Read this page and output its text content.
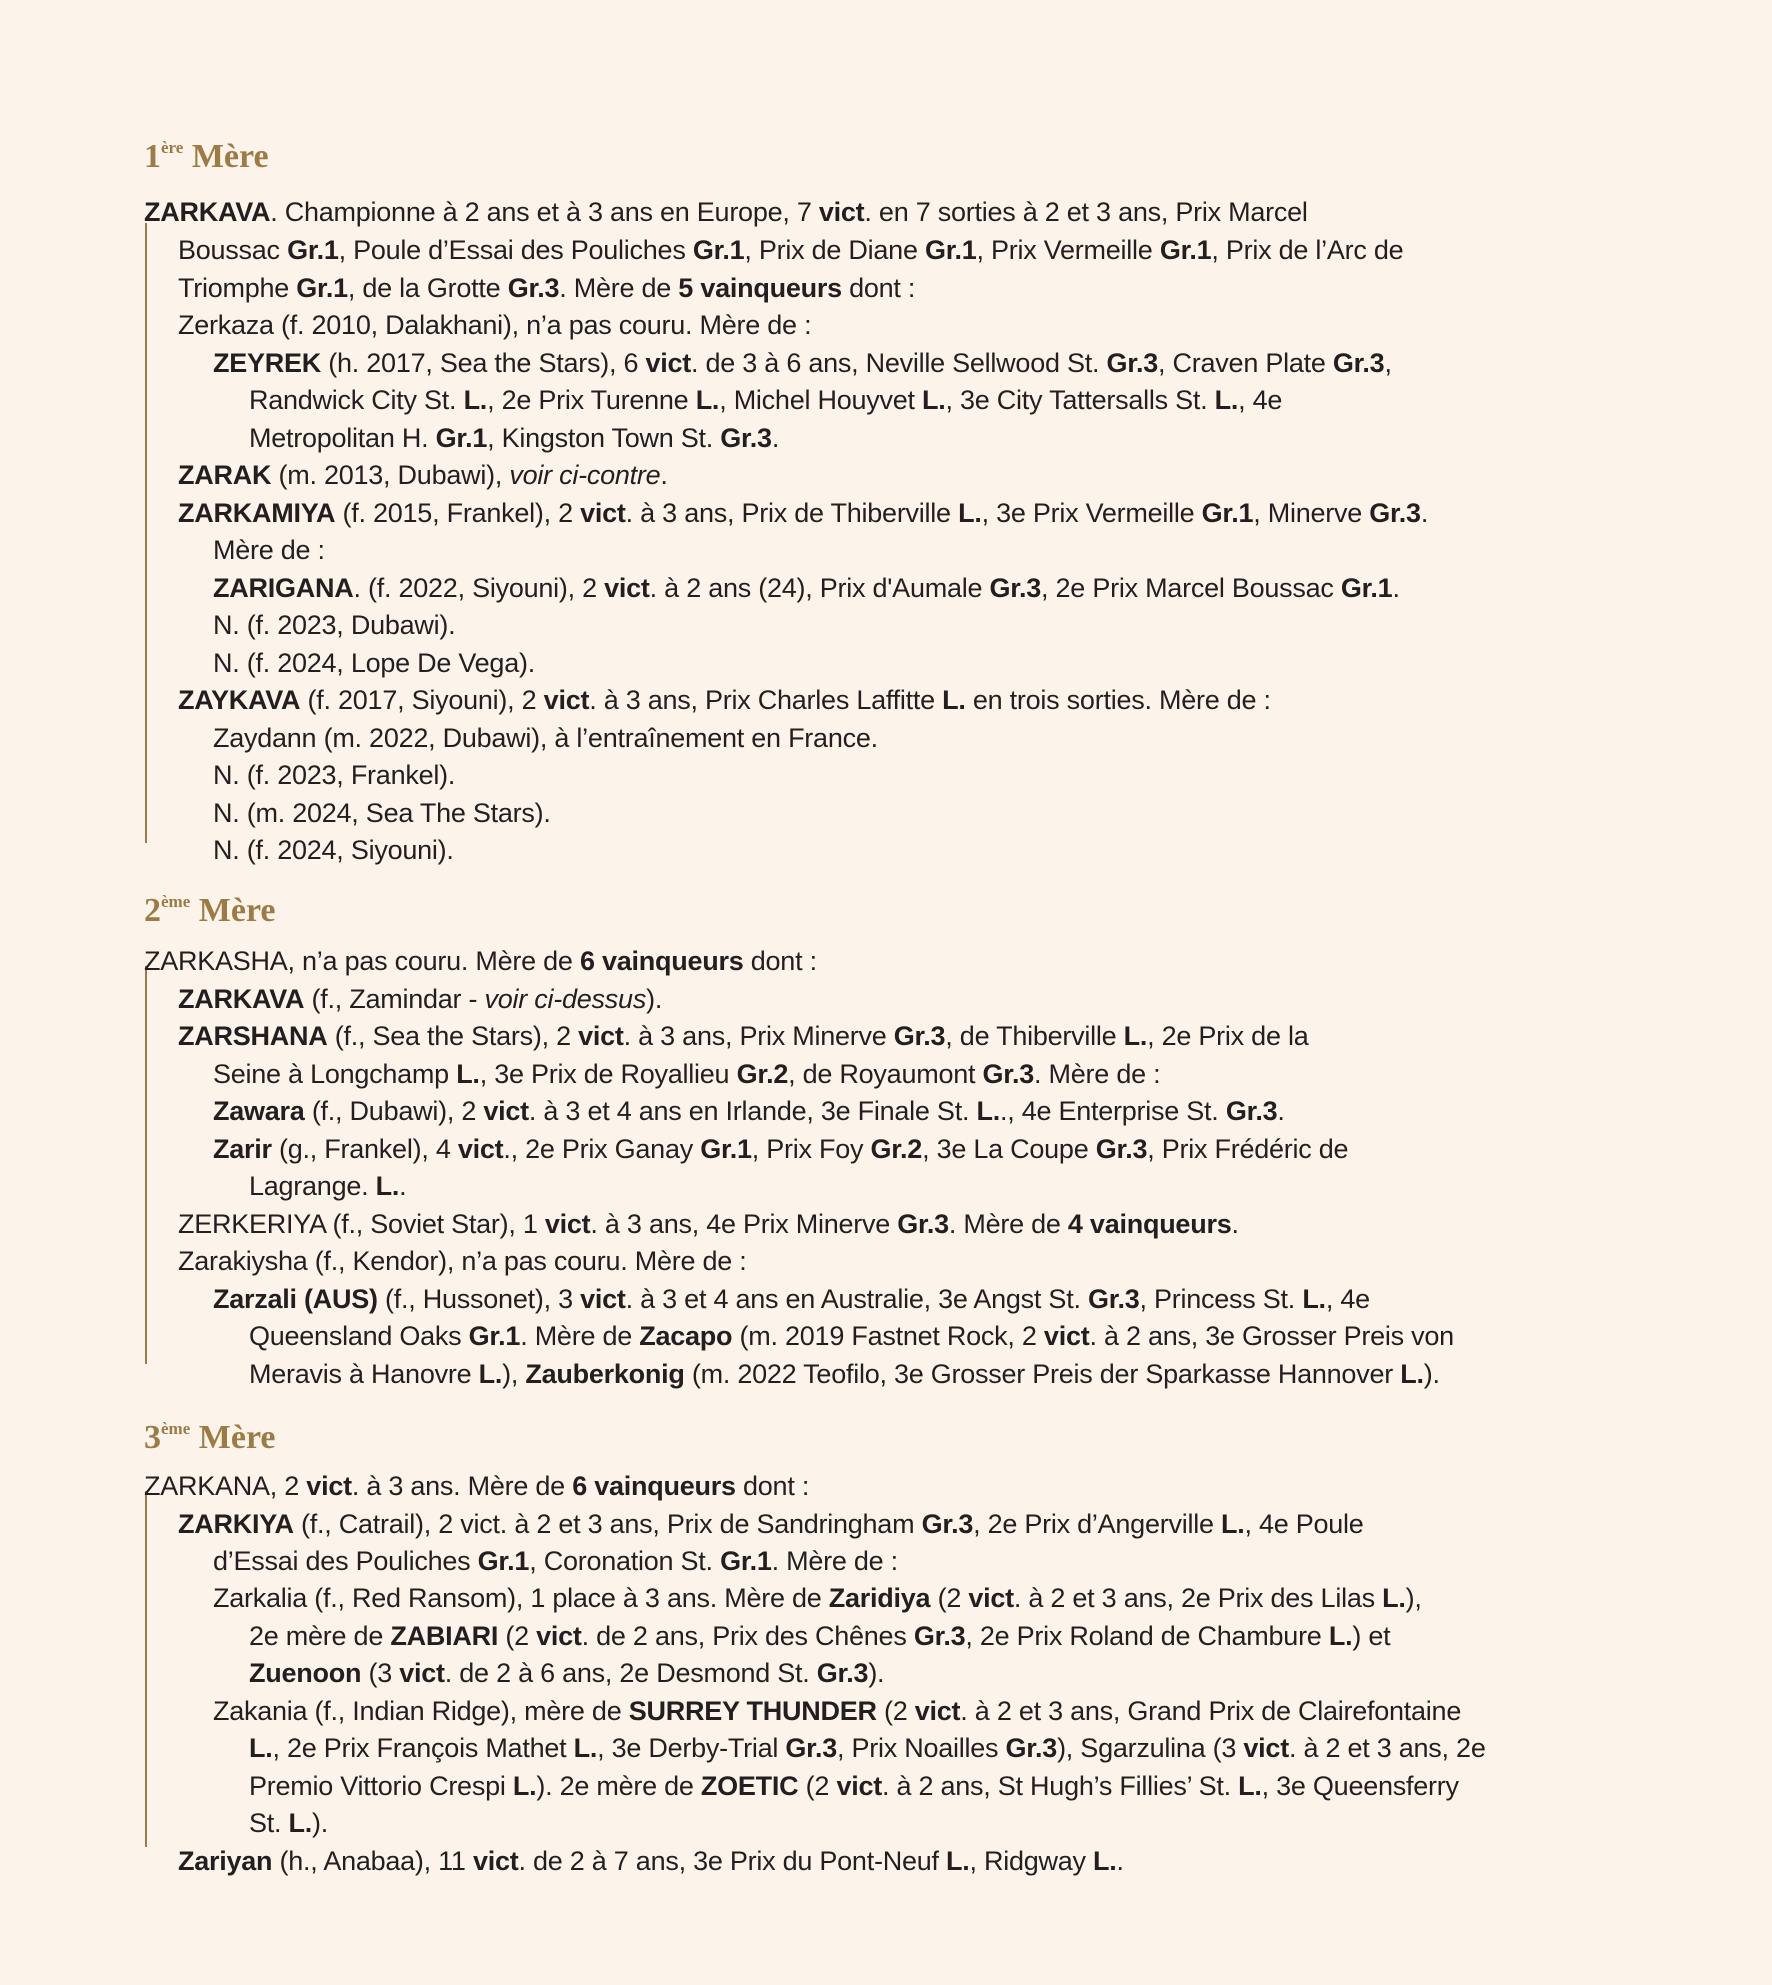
1ère Mère

ZARKAVA. Championne à 2 ans et à 3 ans en Europe, 7 vict. en 7 sorties à 2 et 3 ans, Prix Marcel

Boussac Gr.1, Poule d’Essai des Pouliches Gr.1, Prix de Diane Gr.1, Prix Vermeille Gr.1, Prix de l’Arc de

Triomphe Gr.1, de la Grotte Gr.3. Mère de 5 vainqueurs dont :

Zerkaza (f. 2010, Dalakhani), n’a pas couru. Mère de :

ZEYREK (h. 2017, Sea the Stars), 6 vict. de 3 à 6 ans, Neville Sellwood St. Gr.3, Craven Plate Gr.3,

Randwick City St. L., 2e Prix Turenne L., Michel Houyvet L., 3e City Tattersalls St. L., 4e

Metropolitan H. Gr.1, Kingston Town St. Gr.3.

ZARAK (m. 2013, Dubawi), voir ci-contre.

ZARKAMIYA (f. 2015, Frankel), 2 vict. à 3 ans, Prix de Thiberville L., 3e Prix Vermeille Gr.1, Minerve Gr.3.

Mère de :

ZARIGANA. (f. 2022, Siyouni), 2 vict. à 2 ans (24), Prix d'Aumale Gr.3, 2e Prix Marcel Boussac Gr.1.

N. (f. 2023, Dubawi).

N. (f. 2024, Lope De Vega).

ZAYKAVA (f. 2017, Siyouni), 2 vict. à 3 ans, Prix Charles Laffitte L. en trois sorties. Mère de :

Zaydann (m. 2022, Dubawi), à l’entraînement en France.

N. (f. 2023, Frankel).

N. (m. 2024, Sea The Stars).

N. (f. 2024, Siyouni).

2ème Mère

ZARKASHA, n’a pas couru. Mère de 6 vainqueurs dont :

ZARKAVA (f., Zamindar - voir ci-dessus).

ZARSHANA (f., Sea the Stars), 2 vict. à 3 ans, Prix Minerve Gr.3, de Thiberville L., 2e Prix de la

Seine à Longchamp L., 3e Prix de Royallieu Gr.2, de Royaumont Gr.3. Mère de :

Zawara (f., Dubawi), 2 vict. à 3 et 4 ans en Irlande, 3e Finale St. L.., 4e Enterprise St. Gr.3.

Zarir (g., Frankel), 4 vict., 2e Prix Ganay Gr.1, Prix Foy Gr.2, 3e La Coupe Gr.3, Prix Frédéric de

Lagrange. L..

ZERKERIYA (f., Soviet Star), 1 vict. à 3 ans, 4e Prix Minerve Gr.3. Mère de 4 vainqueurs.

Zarakiysha (f., Kendor), n’a pas couru. Mère de :

Zarzali (AUS) (f., Hussonet), 3 vict. à 3 et 4 ans en Australie, 3e Angst St. Gr.3, Princess St. L., 4e

Queensland Oaks Gr.1. Mère de Zacapo (m. 2019 Fastnet Rock, 2 vict. à 2 ans, 3e Grosser Preis von

Meravis à Hanovre L.), Zauberkonig (m. 2022 Teofilo, 3e Grosser Preis der Sparkasse Hannover L.).

3ème Mère

ZARKANA, 2 vict. à 3 ans. Mère de 6 vainqueurs dont :

ZARKIYA (f., Catrail), 2 vict. à 2 et 3 ans, Prix de Sandringham Gr.3, 2e Prix d’Angerville L., 4e Poule

d’Essai des Pouliches Gr.1, Coronation St. Gr.1. Mère de :

Zarkalia (f., Red Ransom), 1 place à 3 ans. Mère de Zaridiya (2 vict. à 2 et 3 ans, 2e Prix des Lilas L.),

2e mère de ZABIARI (2 vict. de 2 ans, Prix des Chênes Gr.3, 2e Prix Roland de Chambure L.) et

Zuenoon (3 vict. de 2 à 6 ans, 2e Desmond St. Gr.3).

Zakania (f., Indian Ridge), mère de SURREY THUNDER (2 vict. à 2 et 3 ans, Grand Prix de Clairefontaine

L., 2e Prix François Mathet L., 3e Derby-Trial Gr.3, Prix Noailles Gr.3), Sgarzulina (3 vict. à 2 et 3 ans, 2e

Premio Vittorio Crespi L.). 2e mère de ZOETIC (2 vict. à 2 ans, St Hugh’s Fillies’ St. L., 3e Queensferry

St. L.).

Zariyan (h., Anabaa), 11 vict. de 2 à 7 ans, 3e Prix du Pont-Neuf L., Ridgway L..
